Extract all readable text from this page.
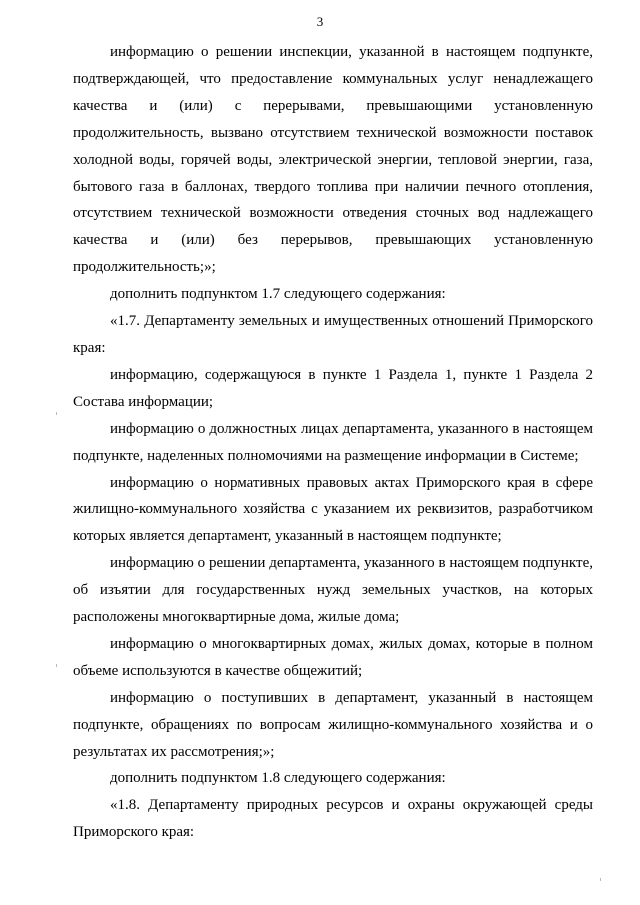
3

информацию о решении инспекции, указанной в настоящем подпункте, подтверждающей, что предоставление коммунальных услуг ненадлежащего качества и (или) с перерывами, превышающими установленную продолжительность, вызвано отсутствием технической возможности поставок холодной воды, горячей воды, электрической энергии, тепловой энергии, газа, бытового газа в баллонах, твердого топлива при наличии печного отопления, отсутствием технической возможности отведения сточных вод надлежащего качества и (или) без перерывов, превышающих установленную продолжительность;»;

дополнить подпунктом 1.7 следующего содержания:

«1.7. Департаменту земельных и имущественных отношений Приморского края:

информацию, содержащуюся в пункте 1 Раздела 1, пункте 1 Раздела 2 Состава информации;

информацию о должностных лицах департамента, указанного в настоящем подпункте, наделенных полномочиями на размещение информации в Системе;

информацию о нормативных правовых актах Приморского края в сфере жилищно-коммунального хозяйства с указанием их реквизитов, разработчиком которых является департамент, указанный в настоящем подпункте;

информацию о решении департамента, указанного в настоящем подпункте, об изъятии для государственных нужд земельных участков, на которых расположены многоквартирные дома, жилые дома;

информацию о многоквартирных домах, жилых домах, которые в полном объеме используются в качестве общежитий;

информацию о поступивших в департамент, указанный в настоящем подпункте, обращениях по вопросам жилищно-коммунального хозяйства и о результатах их рассмотрения;»;

дополнить подпунктом 1.8 следующего содержания:

«1.8. Департаменту природных ресурсов и охраны окружающей среды Приморского края:
